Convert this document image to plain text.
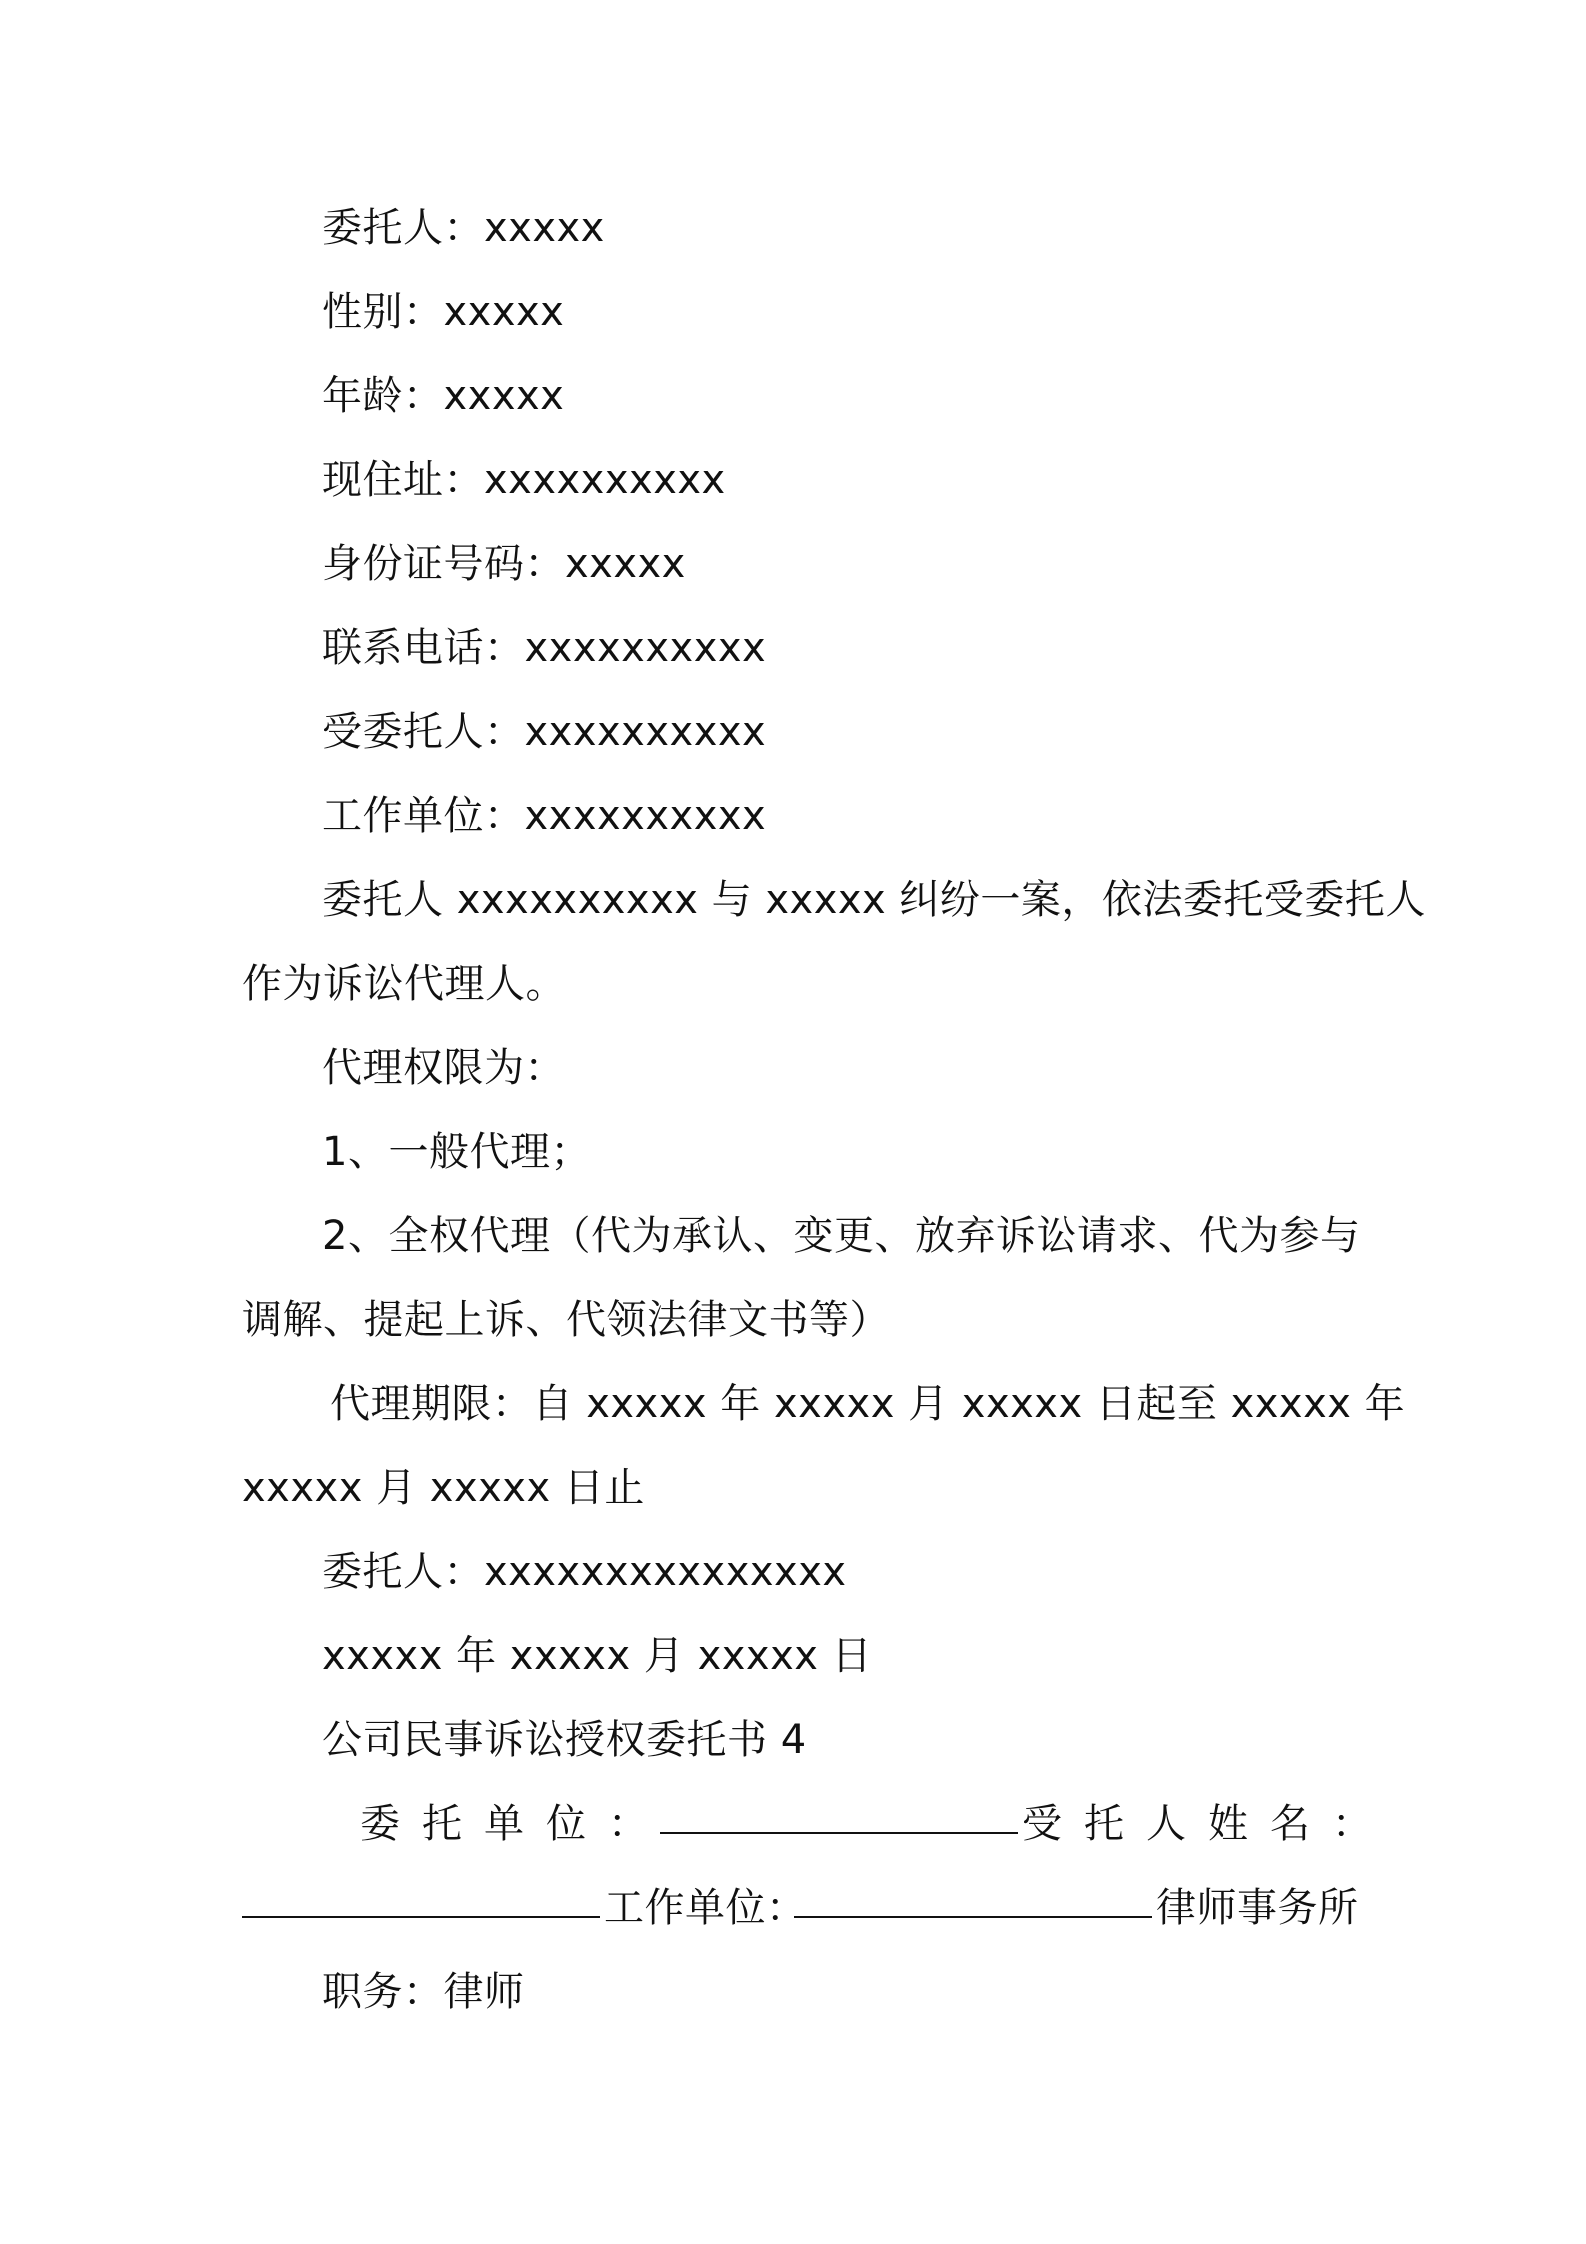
委托人：xxxxx
性别：xxxxx
年龄：xxxxx
现住址：xxxxxxxxxx
身份证号码：xxxxx
联系电话：xxxxxxxxxx
受委托人：xxxxxxxxxx
工作单位：xxxxxxxxxx
委托人 xxxxxxxxxx 与 xxxxx 纠纷一案，依法委托受委托人
作为诉讼代理人。
代理权限为：
1、一般代理；
2、全权代理（代为承认、变更、放弃诉讼请求、代为参与
调解、提起上诉、代领法律文书等）
代理期限：自 xxxxx 年 xxxxx 月 xxxxx 日起至 xxxxx 年
xxxxx 月 xxxxx 日止
委托人：xxxxxxxxxxxxxxx
xxxxx 年 xxxxx 月 xxxxx 日
公司民事诉讼授权委托书 4
委托单位：	受托人姓名：
工作单位：	律师事务所
职务：律师
